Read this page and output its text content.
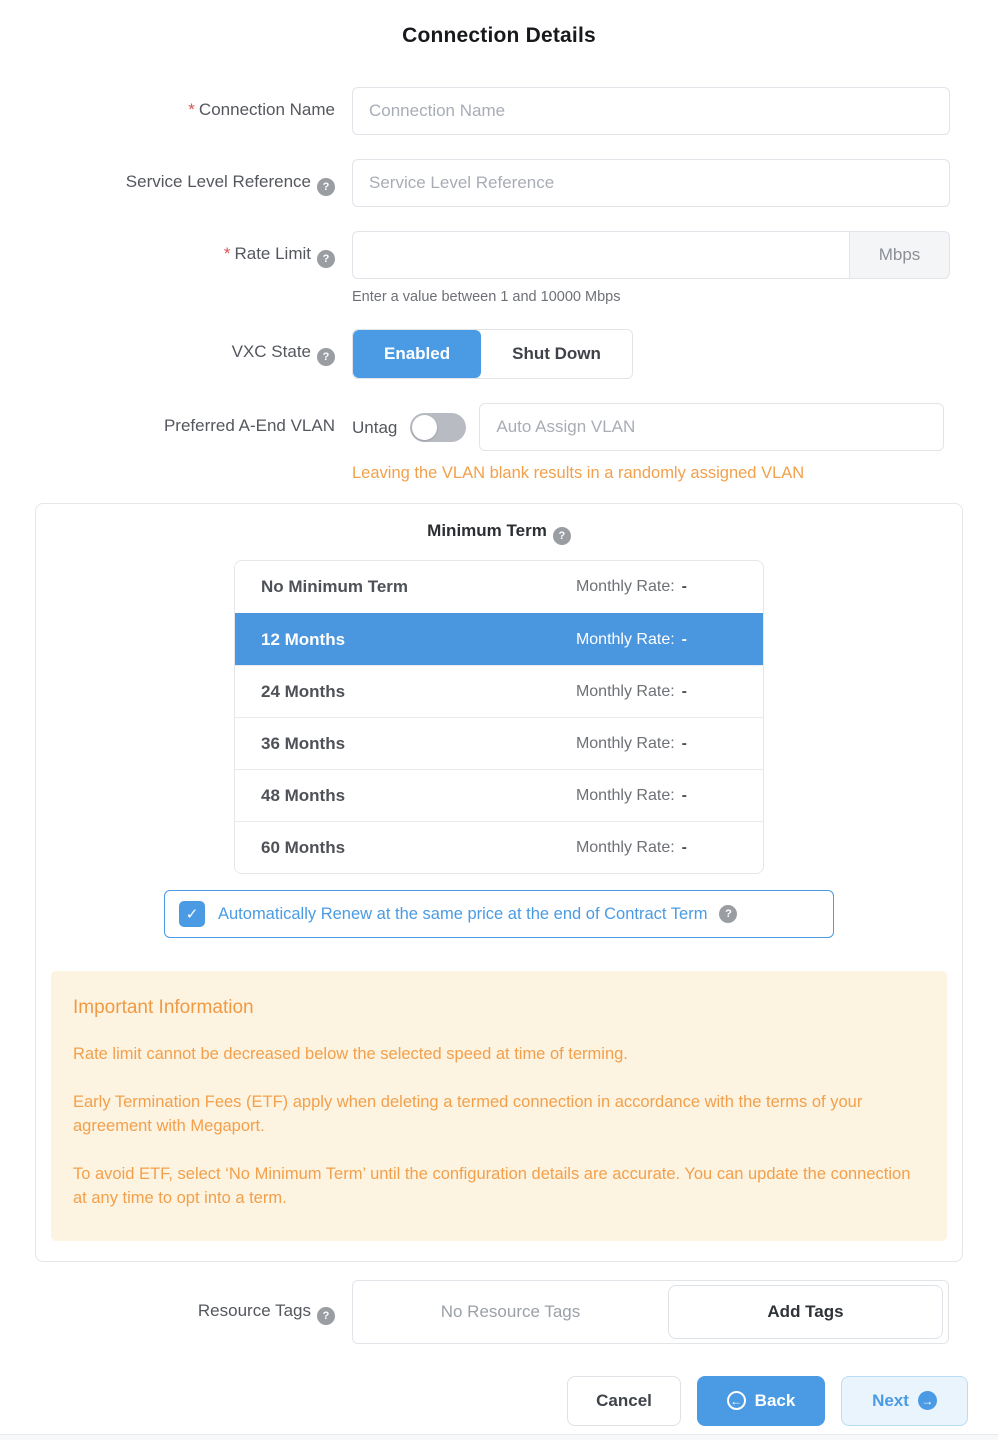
Connection Details
* Connection Name
Connection Name
Service Level Reference ?
Service Level Reference
* Rate Limit ?	Mbps
Enter a value between 1 and 10000 Mbps
VXC State ?	Enabled	Shut Down
Preferred A-End VLAN	Untag
Auto Assign VLAN
Leaving the VLAN blank results in a randomly assigned VLAN
Minimum Term ?
No Minimum Term	Monthly Rate: -
12 Months	Monthly Rate: -
24 Months	Monthly Rate: -
36 Months	Monthly Rate: -
48 Months	Monthly Rate: -
60 Months	Monthly Rate: -
✓ Automatically Renew at the same price at the end of Contract Term	?
Important Information

Rate limit cannot be decreased below the selected speed at time of terming.

Early Termination Fees (ETF) apply when deleting a termed connection in accordance with the terms of your agreement with Megaport.

To avoid ETF, select ‘No Minimum Term’ until the configuration details are accurate. You can update the connection at any time to opt into a term.

Resource Tags ?	No Resource Tags	Add Tags
Cancel	← Back	Next →
